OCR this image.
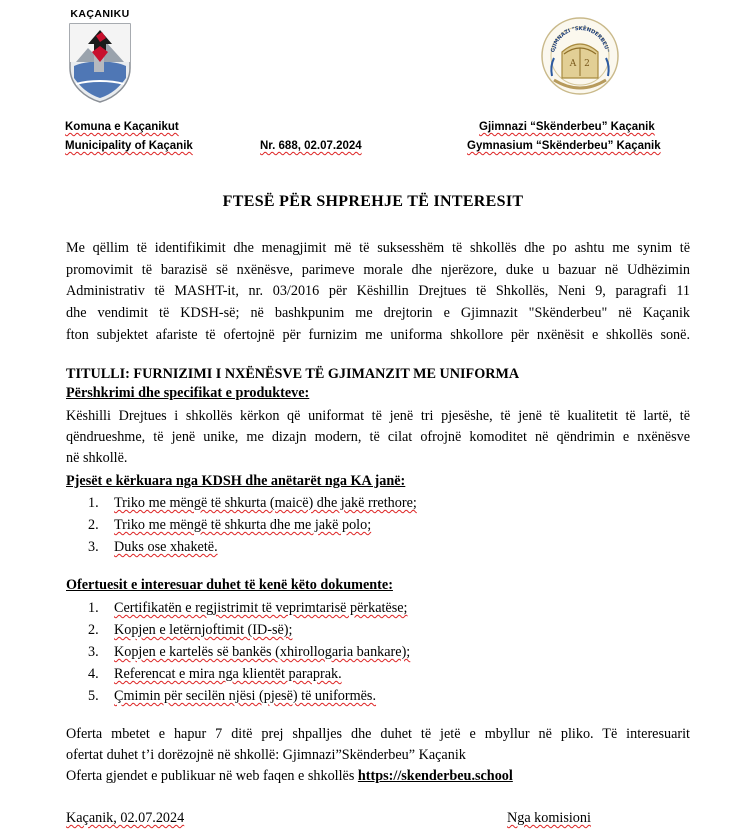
KAÇANIKU
GJIMNAZI "SKËNDERBEU"
A 2
Komuna e Kaçanikut
Municipality of Kaçanik	Nr. 688, 02.07.2024
Gjimnazi “Skënderbeu” Kaçanik
Gymnasium “Skënderbeu” Kaçanik
FTESË PËR SHPREHJE TË INTERESIT
Me qëllim të identifikimit dhe menagjimit më të suksesshëm të shkollës dhe po ashtu me synim të
promovimit të barazisë së nxënësve, parimeve morale dhe njerëzore, duke u bazuar në Udhëzimin
Administrativ të MASHT-it, nr. 03/2016 për Këshillin Drejtues të Shkollës, Neni 9, paragrafi 11
dhe vendimit të KDSH-së; në bashkpunim me drejtorin e Gjimnazit "Skënderbeu" në Kaçanik
fton subjektet afariste të ofertojnë për furnizim me uniforma shkollore për nxënësit e shkollës sonë.
TITULLI: FURNIZIMI I NXËNËSVE TË GJIMANZIT ME UNIFORMA
Përshkrimi dhe specifikat e produkteve:
Këshilli Drejtues i shkollës kërkon që uniformat të jenë tri pjesëshe, të jenë të kualitetit të lartë, të
qëndrueshme, të jenë unike, me dizajn modern, të cilat ofrojnë komoditet në qëndrimin e nxënësve
në shkollë.
Pjesët e kërkuara nga KDSH dhe anëtarët nga KA janë:
1.	Triko me mëngë të shkurta (maicë) dhe jakë rrethore;
2.	Triko me mëngë të shkurta dhe me jakë polo;
3.	Duks ose xhaketë.
Ofertuesit e interesuar duhet të kenë këto dokumente:
1.	Certifikatën e regjistrimit të veprimtarisë përkatëse;
2.	Kopjen e letërnjoftimit (ID-së);
3.	Kopjen e kartelës së bankës (xhirollogaria bankare);
4.	Referencat e mira nga klientët paraprak.
5.	Çmimin për secilën njësi (pjesë) të uniformës.
Oferta mbetet e hapur 7 ditë prej shpalljes dhe duhet të jetë e mbyllur në pliko. Të interesuarit
ofertat duhet t’i dorëzojnë në shkollë: Gjimnazi”Skënderbeu” Kaçanik
Oferta gjendet e publikuar në web faqen e shkollës https://skenderbeu.school
Kaçanik, 02.07.2024	Nga komisioni
